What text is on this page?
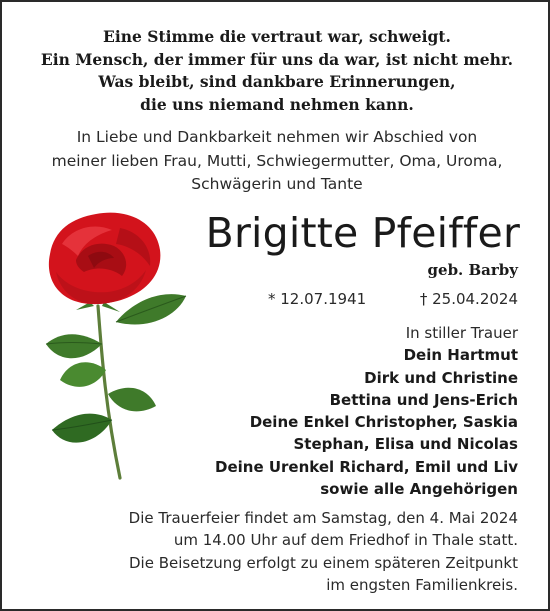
Eine Stimme die vertraut war, schweigt.
Ein Mensch, der immer für uns da war, ist nicht mehr.
Was bleibt, sind dankbare Erinnerungen,
die uns niemand nehmen kann.
In Liebe und Dankbarkeit nehmen wir Abschied von
meiner lieben Frau, Mutti, Schwiegermutter, Oma, Uroma,
Schwägerin und Tante
Brigitte Pfeiffer
geb. Barby
* 12.07.1941	† 25.04.2024
In stiller Trauer
Dein Hartmut
Dirk und Christine
Bettina und Jens-Erich
Deine Enkel Christopher, Saskia
Stephan, Elisa und Nicolas
Deine Urenkel Richard, Emil und Liv
sowie alle Angehörigen
Die Trauerfeier findet am Samstag, den 4. Mai 2024
um 14.00 Uhr auf dem Friedhof in Thale statt.
Die Beisetzung erfolgt zu einem späteren Zeitpunkt
im engsten Familienkreis.
